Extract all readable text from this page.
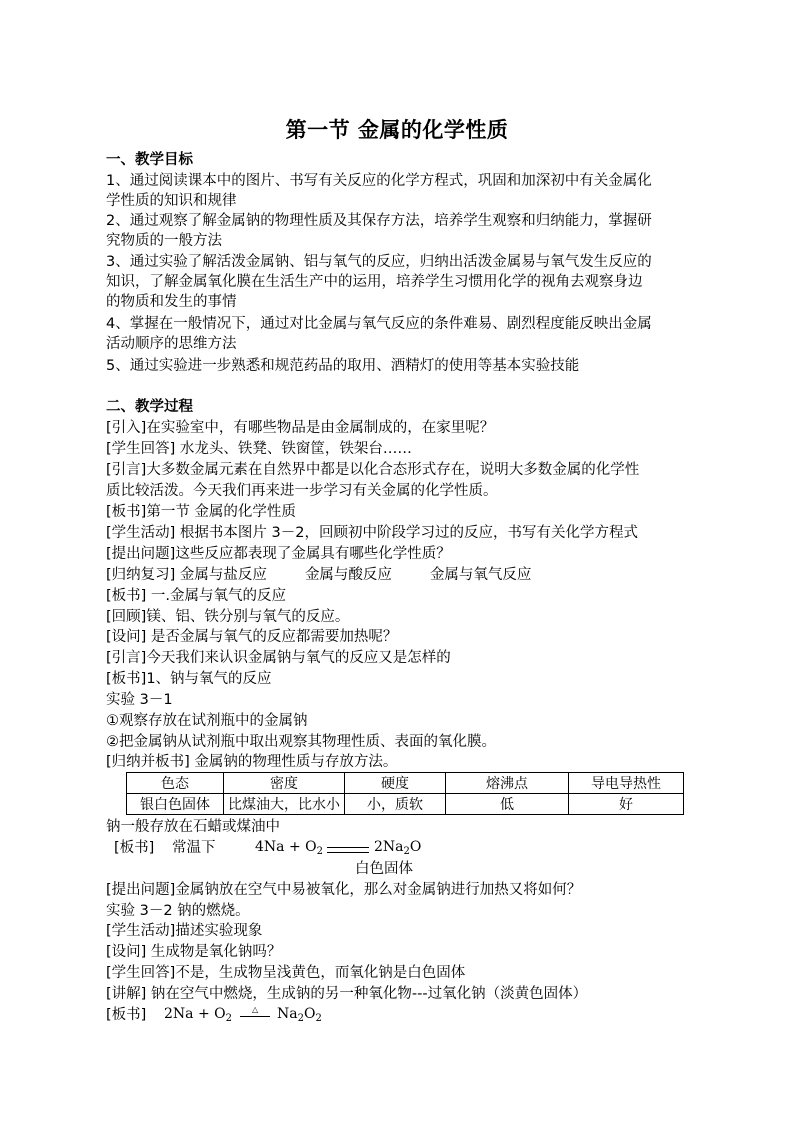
第一节 金属的化学性质
一、教学目标
1、通过阅读课本中的图片、书写有关反应的化学方程式，巩固和加深初中有关金属化
学性质的知识和规律
2、通过观察了解金属钠的物理性质及其保存方法，培养学生观察和归纳能力，掌握研
究物质的一般方法
3、通过实验了解活泼金属钠、铝与氧气的反应，归纳出活泼金属易与氧气发生反应的
知识，了解金属氧化膜在生活生产中的运用，培养学生习惯用化学的视角去观察身边
的物质和发生的事情
4、掌握在一般情况下，通过对比金属与氧气反应的条件难易、剧烈程度能反映出金属
活动顺序的思维方法
5、通过实验进一步熟悉和规范药品的取用、酒精灯的使用等基本实验技能
二、教学过程
[引入]在实验室中，有哪些物品是由金属制成的，在家里呢？
[学生回答] 水龙头、铁凳、铁窗筐，铁架台……
[引言]大多数金属元素在自然界中都是以化合态形式存在，说明大多数金属的化学性
质比较活泼。今天我们再来进一步学习有关金属的化学性质。
[板书]第一节 金属的化学性质
[学生活动] 根据书本图片 3－2，回顾初中阶段学习过的反应，书写有关化学方程式
[提出问题]这些反应都表现了金属具有哪些化学性质？
[归纳复习] 金属与盐反应	金属与酸反应	金属与氧气反应
[板书] 一.金属与氧气的反应
[回顾]镁、铝、铁分别与氧气的反应。
[设问] 是否金属与氧气的反应都需要加热呢？
[引言]今天我们来认识金属钠与氧气的反应又是怎样的
[板书]1、钠与氧气的反应
实验 3－1
①观察存放在试剂瓶中的金属钠
②把金属钠从试剂瓶中取出观察其物理性质、表面的氧化膜。
[归纳并板书] 金属钠的物理性质与存放方法。
色态	密度	硬度	熔沸点	导电导热性
银白色固体	比煤油大，比水小	小，质软	低	好
钠一般存放在石蜡或煤油中
[板书] 常温下	$4Na + O_2$	$2Na_2O$
白色固体
[提出问题]金属钠放在空气中易被氧化，那么对金属钠进行加热又将如何？
实验 3－2 钠的燃烧。
[学生活动]描述实验现象
[设问] 生成物是氧化钠吗？
[学生回答]不是，生成物呈浅黄色，而氧化钠是白色固体
[讲解] 钠在空气中燃烧，生成钠的另一种氧化物---过氧化钠（淡黄色固体）
[板书] $2Na + O_2$
△ $Na_2O_2$
